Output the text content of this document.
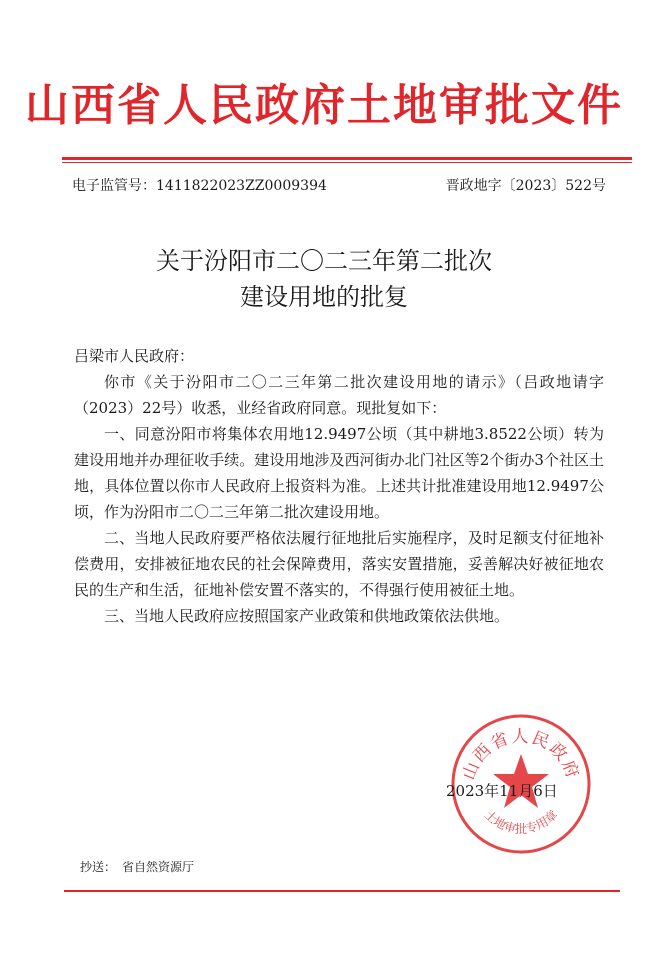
山西省人民政府土地审批文件
电子监管号：1411822023ZZ0009394	晋政地字〔2023〕522号
关于汾阳市二〇二三年第二批次
建设用地的批复

吕梁市人民政府：

你市《关于汾阳市二〇二三年第二批次建设用地的请示》（吕政地请字（2023）22号）收悉，业经省政府同意。现批复如下：

一、同意汾阳市将集体农用地12.9497公顷（其中耕地3.8522公顷）转为建设用地并办理征收手续。建设用地涉及西河街办北门社区等2个街办3个社区土地，具体位置以你市人民政府上报资料为准。上述共计批准建设用地12.9497公顷，作为汾阳市二〇二三年第二批次建设用地。

二、当地人民政府要严格依法履行征地批后实施程序，及时足额支付征地补偿费用，安排被征地农民的社会保障费用，落实安置措施，妥善解决好被征地农民的生产和生活，征地补偿安置不落实的，不得强行使用被征土地。

三、当地人民政府应按照国家产业政策和供地政策依法供地。

山西省人民政府
土地审批专用章
2023年11月6日
抄送： 省自然资源厅
